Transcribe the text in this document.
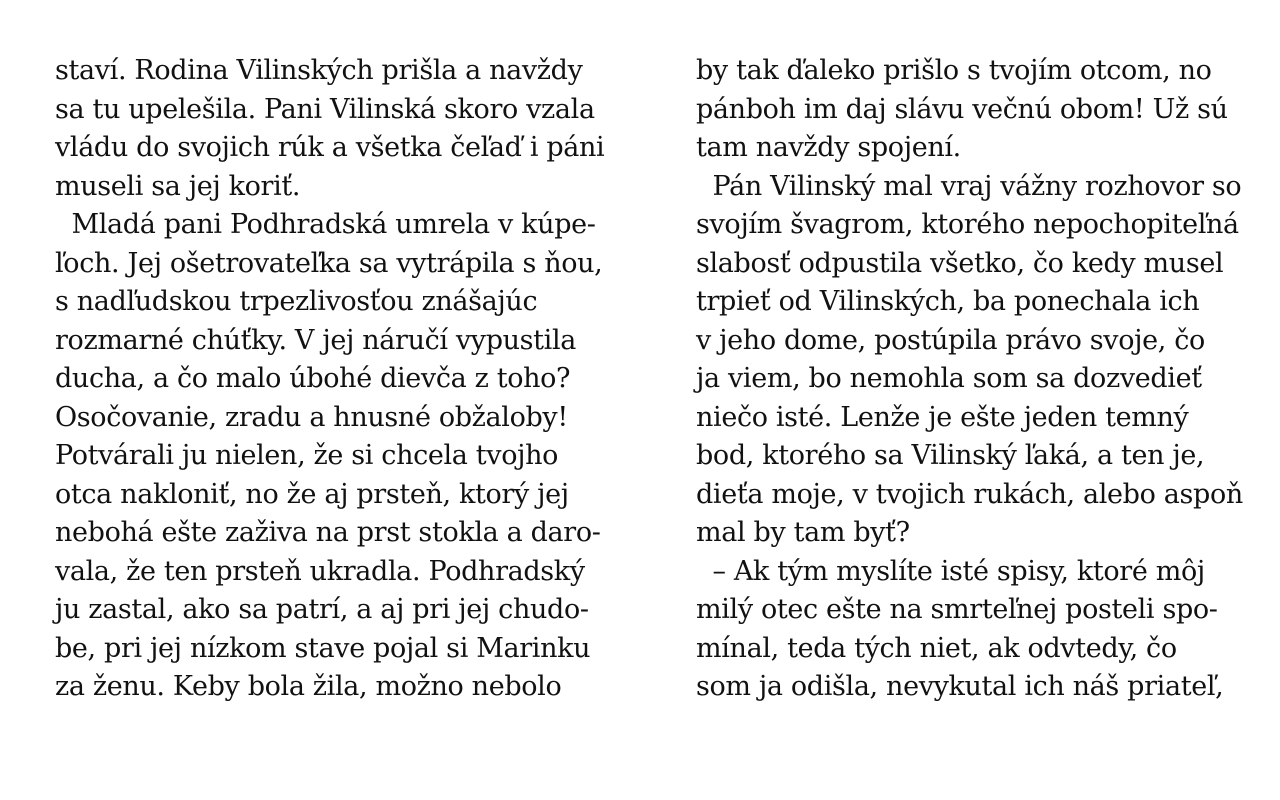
staví. Rodina Vilinských prišla a navždy
sa tu upelešila. Pani Vilinská skoro vzala
vládu do svojich rúk a všetka čeľaď i páni
museli sa jej koriť.
Mladá pani Podhradská umrela v kúpe-
ľoch. Jej ošetrovateľka sa vytrápila s ňou,
s nadľudskou trpezlivosťou znášajúc
rozmarné chúťky. V jej náručí vypustila
ducha, a čo malo úbohé dievča z toho?
Osočovanie, zradu a hnusné obžaloby!
Potvárali ju nielen, že si chcela tvojho
otca nakloniť, no že aj prsteň, ktorý jej
nebohá ešte zaživa na prst stokla a daro-
vala, že ten prsteň ukradla. Podhradský
ju zastal, ako sa patrí, a aj pri jej chudo-
be, pri jej nízkom stave pojal si Marinku
za ženu. Keby bola žila, možno nebolo
by tak ďaleko prišlo s tvojím otcom, no
pánboh im daj slávu večnú obom! Už sú
tam navždy spojení.
Pán Vilinský mal vraj vážny rozhovor so
svojím švagrom, ktorého nepochopiteľná
slabosť odpustila všetko, čo kedy musel
trpieť od Vilinských, ba ponechala ich
v jeho dome, postúpila právo svoje, čo
ja viem, bo nemohla som sa dozvedieť
niečo isté. Lenže je ešte jeden temný
bod, ktorého sa Vilinský ľaká, a ten je,
dieťa moje, v tvojich rukách, alebo aspoň
mal by tam byť?
– Ak tým myslíte isté spisy, ktoré môj
milý otec ešte na smrteľnej posteli spo-
mínal, teda tých niet, ak odvtedy, čo
som ja odišla, nevykutal ich náš priateľ,
